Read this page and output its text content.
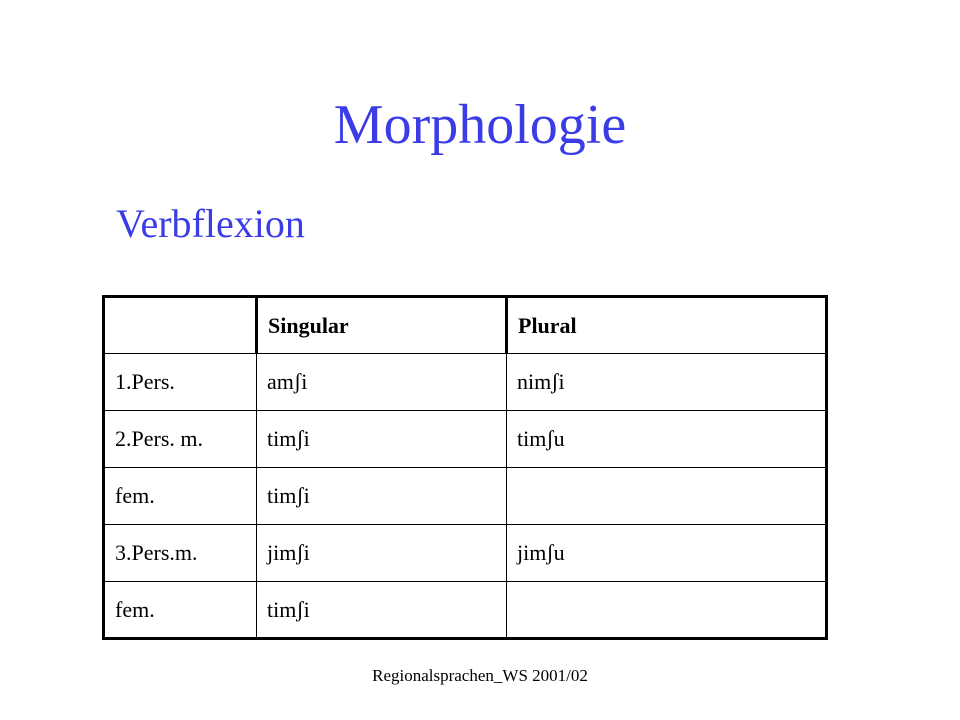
Morphologie
Verbflexion
	Singular	Plural
1.Pers.	amʃi	nimʃi
2.Pers. m.	timʃi	timʃu
fem.	timʃi	
3.Pers.m.	jimʃi	jimʃu
fem.	timʃi	
Regionalsprachen_WS 2001/02
